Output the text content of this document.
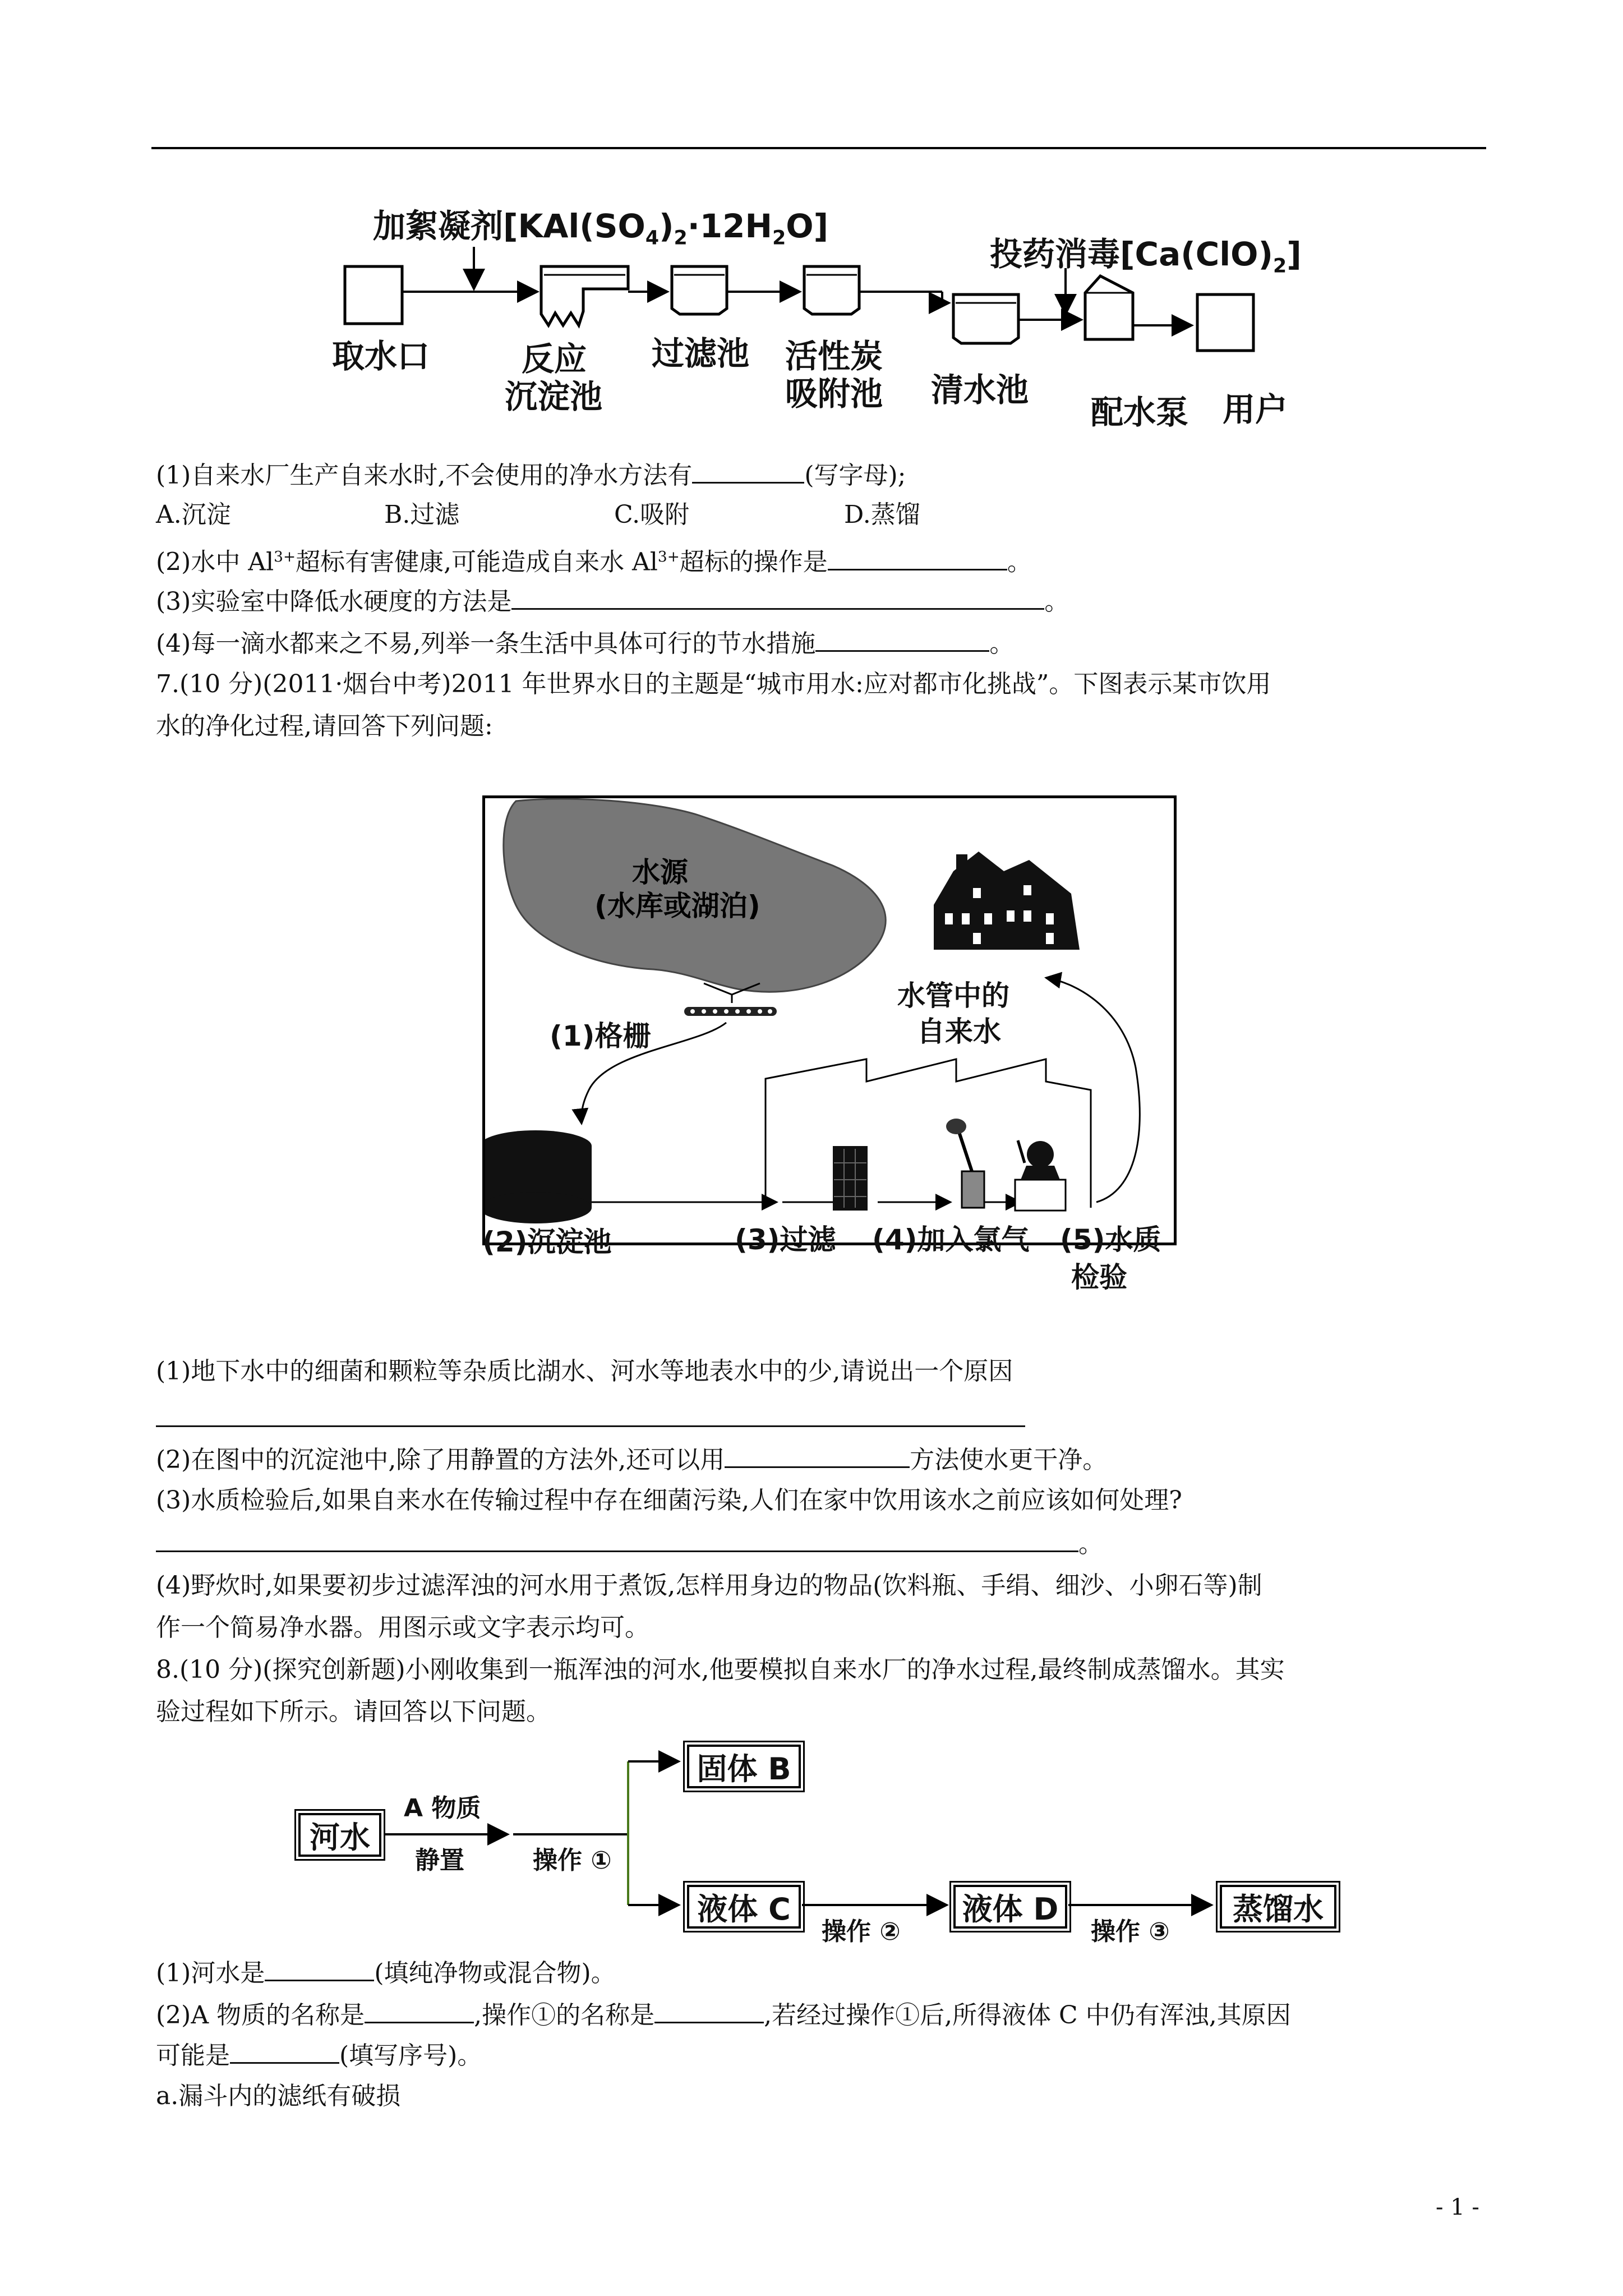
加絮凝剂$[KAl(SO_4)_2\cdot 12H_2O]$
投药消毒$[Ca(ClO)_2]$
取水口	反应
沉淀池
过滤池 活性炭
吸附池 清水池
配水泵 用户
(1)自来水厂生产自来水时,不会使用的净水方法有	(写字母);
A.沉淀	B.过滤	C.吸附	D.蒸馏
(2)水中 $Al^{3+}$超标有害健康,可能造成自来水 $Al^{3+}$超标的操作是	。
(3)实验室中降低水硬度的方法是	。
(4)每一滴水都来之不易,列举一条生活中具体可行的节水措施	。
7.(10 分)(2011·烟台中考)2011 年世界水日的主题是“城市用水:应对都市化挑战”。下图表示某市饮用
水的净化过程,请回答下列问题:
水源
(水库或湖泊)
(1)格栅
水管中的
自来水
(2)沉淀池	(3)过滤 (4)加入氯气 (5)水质
检验
(1)地下水中的细菌和颗粒等杂质比湖水、河水等地表水中的少,请说出一个原因
(2)在图中的沉淀池中,除了用静置的方法外,还可以用	方法使水更干净。
(3)水质检验后,如果自来水在传输过程中存在细菌污染,人们在家中饮用该水之前应该如何处理?
。
(4)野炊时,如果要初步过滤浑浊的河水用于煮饭,怎样用身边的物品(饮料瓶、手绢、细沙、小卵石等)制
作一个简易净水器。用图示或文字表示均可。
8.(10 分)(探究创新题)小刚收集到一瓶浑浊的河水,他要模拟自来水厂的净水过程,最终制成蒸馏水。其实
验过程如下所示。请回答以下问题。
河水
A 物质
静置	操作 ①
固体 B
液体 C
操作 ②
液体 D
操作 ③
蒸馏水
(1)河水是	(填纯净物或混合物)。
(2)A 物质的名称是	,操作①的名称是	,若经过操作①后,所得液体 C 中仍有浑浊,其原因
可能是	(填写序号)。
a.漏斗内的滤纸有破损
- 1 -
